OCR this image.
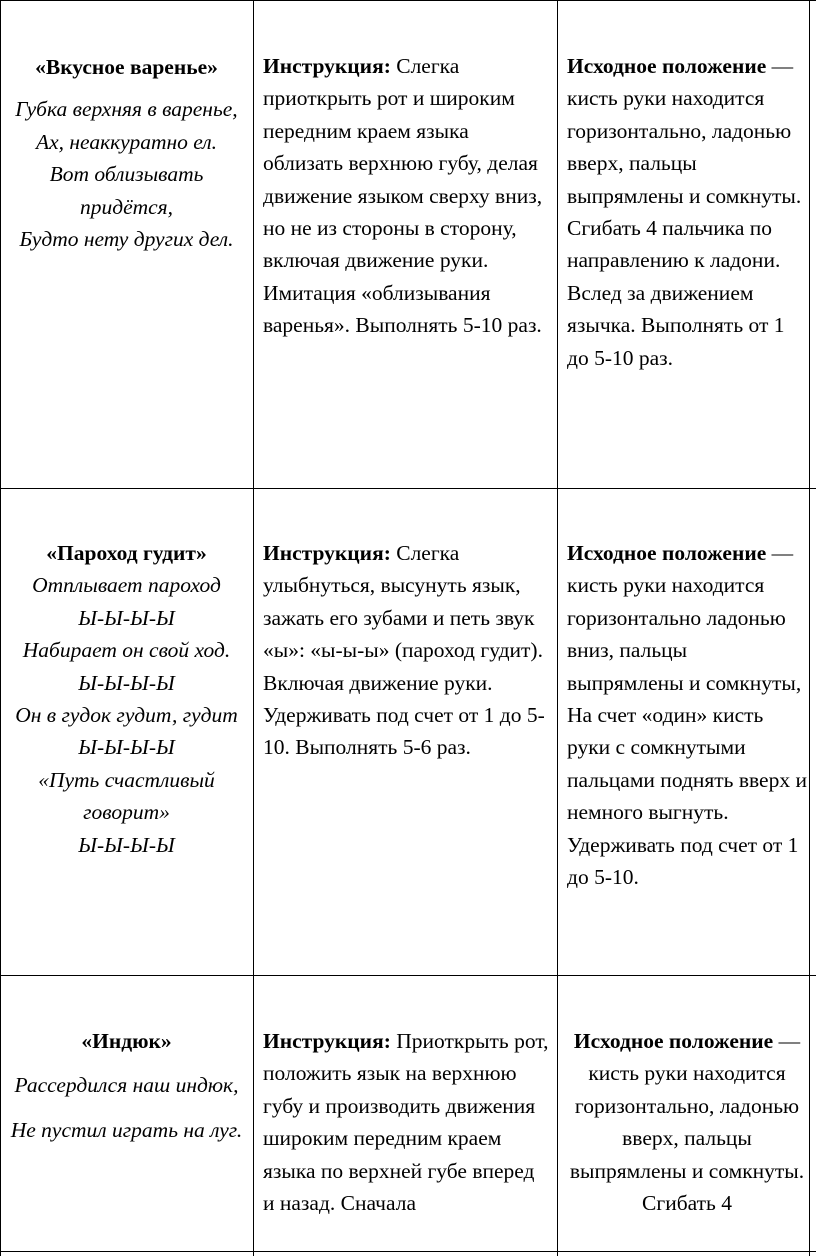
«Вкусное варенье»
Губка верхняя в варенье,
Ах, неаккуратно ел.
Вот облизывать придётся,
Будто нету других дел.
Инструкция: Слегка приоткрыть рот и широким передним краем языка облизать верхнюю губу, делая движение языком сверху вниз, но не из стороны в сторону, включая движение руки. Имитация «облизывания варенья». Выполнять 5-10 раз.
Исходное положение — кисть руки находится горизонтально, ладонью вверх, пальцы выпрямлены и сомкнуты. Сгибать 4 пальчика по направлению к ладони. Вслед за движением язычка. Выполнять от 1 до 5-10 раз.
«Пароход гудит»
Отплывает пароход
Ы-Ы-Ы-Ы
Набирает он свой ход.
Ы-Ы-Ы-Ы
Он в гудок гудит, гудит
Ы-Ы-Ы-Ы
«Путь счастливый говорит»
Ы-Ы-Ы-Ы
Инструкция: Слегка улыбнуться, высунуть язык, зажать его зубами и петь звук «ы»: «ы-ы-ы» (пароход гудит). Включая движение руки. Удерживать под счет от 1 до 5-10. Выполнять 5-6 раз.
Исходное положение — кисть руки находится горизонтально ладонью вниз, пальцы выпрямлены и сомкнуты, На счет «один» кисть руки с сомкнутыми пальцами поднять вверх и немного выгнуть. Удерживать под счет от 1 до 5-10.
«Индюк»
Рассердился наш индюк,
Не пустил играть на луг.
Инструкция: Приоткрыть рот, положить язык на верхнюю губу и производить движения широким передним краем языка по верхней губе вперед и назад. Сначала
Исходное положение — кисть руки находится горизонтально, ладонью вверх, пальцы выпрямлены и сомкнуты. Сгибать 4
